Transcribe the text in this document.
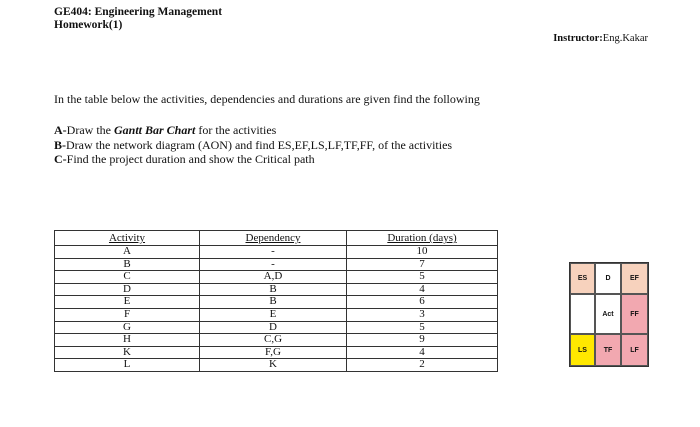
GE404: Engineering Management
Homework(1)
Instructor:Eng.Kakar
In the table below the activities, dependencies and durations are given find the following
A-Draw the Gantt Bar Chart for the activities
B-Draw the network diagram (AON) and find ES,EF,LS,LF,TF,FF, of the activities
C-Find the project duration and show the Critical path
Activity	Dependency	Duration (days)
A	-	10
B	-	7
C	A,D	5
D	B	4
E	B	6
F	E	3
G	D	5
H	C,G	9
K	F,G	4
L	K	2
ES	D	EF
Act	FF
LS	TF	LF
